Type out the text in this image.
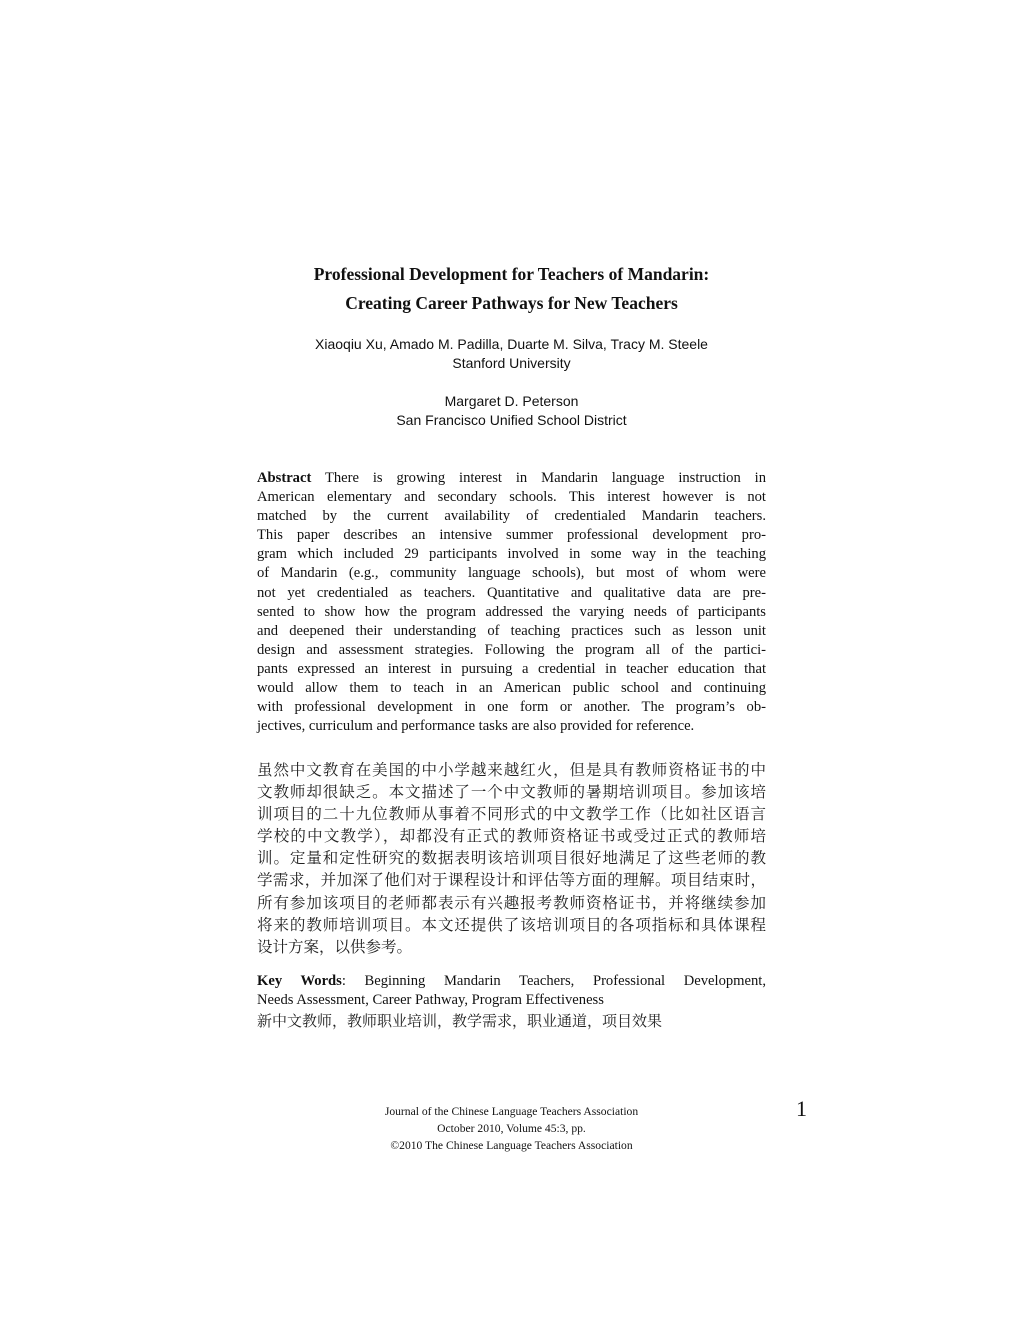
Professional Development for Teachers of Mandarin:
Creating Career Pathways for New Teachers
Xiaoqiu Xu, Amado M. Padilla, Duarte M. Silva, Tracy M. Steele
Stanford University
Margaret D. Peterson
San Francisco Unified School District
Abstract There is growing interest in Mandarin language instruction in
American elementary and secondary schools. This interest however is not
matched by the current availability of credentialed Mandarin teachers.
This paper describes an intensive summer professional development pro-
gram which included 29 participants involved in some way in the teaching
of Mandarin (e.g., community language schools), but most of whom were
not yet credentialed as teachers. Quantitative and qualitative data are pre-
sented to show how the program addressed the varying needs of participants
and deepened their understanding of teaching practices such as lesson unit
design and assessment strategies. Following the program all of the partici-
pants expressed an interest in pursuing a credential in teacher education that
would allow them to teach in an American public school and continuing
with professional development in one form or another. The program’s ob-
jectives, curriculum and performance tasks are also provided for reference.
虽然中文教育在美国的中小学越来越红火，但是具有教师资格证书的中
文教师却很缺乏。本文描述了一个中文教师的暑期培训项目。参加该培
训项目的二十九位教师从事着不同形式的中文教学工作（比如社区语言
学校的中文教学），却都没有正式的教师资格证书或受过正式的教师培
训。定量和定性研究的数据表明该培训项目很好地满足了这些老师的教
学需求，并加深了他们对于课程设计和评估等方面的理解。项目结束时，
所有参加该项目的老师都表示有兴趣报考教师资格证书，并将继续参加
将来的教师培训项目。本文还提供了该培训项目的各项指标和具体课程
设计方案，以供参考。
Key Words: Beginning Mandarin Teachers, Professional Development,
Needs Assessment, Career Pathway, Program Effectiveness
新中文教师，教师职业培训，教学需求，职业通道，项目效果
Journal of the Chinese Language Teachers Association
October 2010, Volume 45:3, pp.
©2010 The Chinese Language Teachers Association
1
